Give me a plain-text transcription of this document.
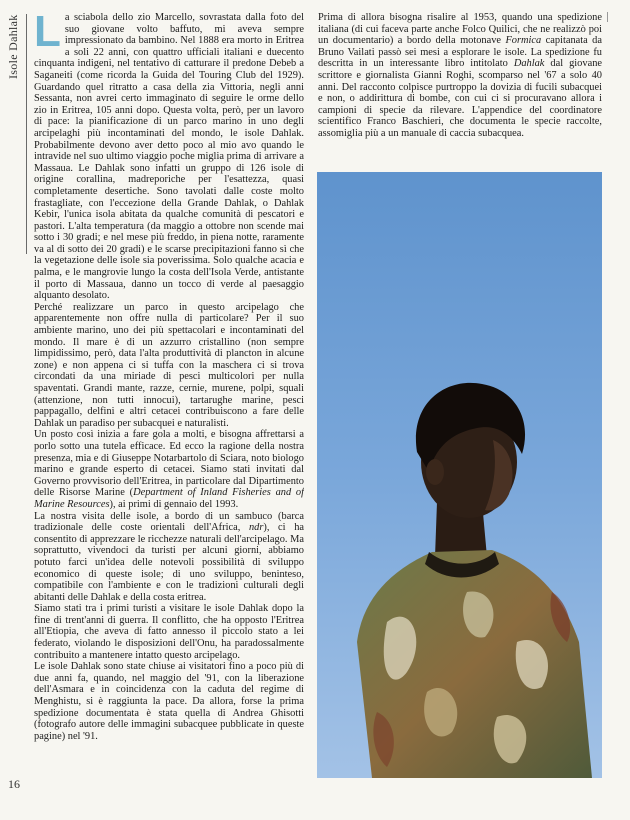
Isole Dahlak La sciabola dello zio Marcello, sovrastata dalla foto del suo giovane volto baffuto, mi aveva sempre impressionato da bambino. Nel 1888 era morto in Eritrea a soli 22 anni, con quattro ufficiali italiani e duecento cinquanta indigeni, nel tentativo di catturare il predone Debeb a Saganeiti (come ricorda la Guida del Touring Club del 1929). Guardando quel ritratto a casa della zia Vittoria, negli anni Sessanta, non avrei certo immaginato di seguire le orme dello zio in Eritrea, 105 anni dopo. Questa volta, però, per un lavoro di pace: la pianificazione di un parco marino in uno degli arcipelaghi più incontaminati del mondo, le isole Dahlak. Probabilmente devono aver detto poco al mio avo quando le intravide nel suo ultimo viaggio poche miglia prima di arrivare a Massaua. Le Dahlak sono infatti un gruppo di 126 isole di origine corallina, madreporiche per l'esattezza, quasi completamente desertiche. Sono tavolati dalle coste molto frastagliate, con l'eccezione della Grande Dahlak, o Dahlak Kebir, l'unica isola abitata da qualche comunità di pescatori e pastori. L'alta temperatura (da maggio a ottobre non scende mai sotto i 30 gradi; e nel mese più freddo, in piena notte, raramente va al di sotto dei 20 gradi) e le scarse precipitazioni fanno sì che la vegetazione delle isole sia poverissima. Solo qualche acacia e palma, e le mangrovie lungo la costa dell'Isola Verde, antistante il porto di Massaua, danno un tocco di verde al paesaggio alquanto desolato.

Perché realizzare un parco in questo arcipelago che apparentemente non offre nulla di particolare? Per il suo ambiente marino, uno dei più spettacolari e incontaminati del mondo. Il mare è di un azzurro cristallino (non sempre limpidissimo, però, data l'alta produttività di plancton in alcune zone) e non appena ci si tuffa con la maschera ci si trova circondati da una miriade di pesci multicolori per nulla spaventati. Grandi mante, razze, cernie, murene, polpi, squali (attenzione, non tutti innocui), tartarughe marine, pesci pappagallo, delfini e altri cetacei contribuiscono a fare delle Dahlak un paradiso per subacquei e naturalisti.

Un posto così inizia a fare gola a molti, e bisogna affrettarsi a porlo sotto una tutela efficace. Ed ecco la ragione della nostra presenza, mia e di Giuseppe Notarbartolo di Sciara, noto biologo marino e grande esperto di cetacei. Siamo stati invitati dal Governo provvisorio dell'Eritrea, in particolare dal Dipartimento delle Risorse Marine (Department of Inland Fisheries and of Marine Resources), ai primi di gennaio del 1993.

La nostra visita delle isole, a bordo di un sambuco (barca tradizionale delle coste orientali dell'Africa, ndr), ci ha consentito di apprezzare le ricchezze naturali dell'arcipelago. Ma soprattutto, vivendoci da turisti per alcuni giorni, abbiamo potuto farci un'idea delle notevoli possibilità di sviluppo economico di queste isole; di uno sviluppo, beninteso, compatibile con l'ambiente e con le tradizioni culturali degli abitanti delle Dahlak e della costa eritrea.

Siamo stati tra i primi turisti a visitare le isole Dahlak dopo la fine di trent'anni di guerra. Il conflitto, che ha opposto l'Eritrea all'Etiopia, che aveva di fatto annesso il piccolo stato a lei federato, violando le disposizioni dell'Onu, ha paradossalmente contribuito a mantenere intatto questo arcipelago.

Le isole Dahlak sono state chiuse ai visitatori fino a poco più di due anni fa, quando, nel maggio del '91, con la liberazione dell'Asmara e in coincidenza con la caduta del regime di Menghistu, si è raggiunta la pace. Da allora, forse la prima spedizione documentata è stata quella di Andrea Ghisotti (fotografo autore delle immagini subacquee pubblicate in queste pagine) nel '91.

Prima di allora bisogna risalire al 1953, quando una spedizione italiana (di cui faceva parte anche Folco Quilici, che ne realizzò poi un documentario) a bordo della motonave Formica capitanata da Bruno Vailati passò sei mesi a esplorare le isole. La spedizione fu descritta in un interessante libro intitolato Dahlak dal giovane scrittore e giornalista Gianni Roghi, scomparso nel '67 a solo 40 anni. Del racconto colpisce purtroppo la dovizia di fucili subacquei e non, o addirittura di bombe, con cui ci si procuravano allora i campioni di specie da rilevare. L'appendice del coordinatore scientifico Franco Baschieri, che documenta le specie raccolte, assomiglia più a un manuale di caccia subacquea.

16
